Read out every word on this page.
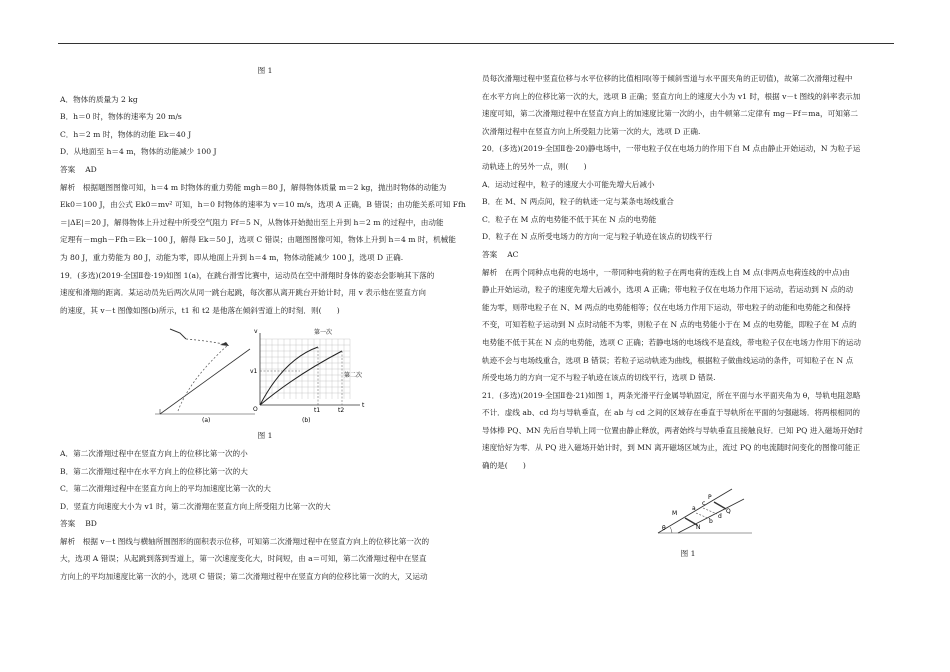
图 1

A．物体的质量为 2 kg

B．h＝0 时，物体的速率为 20 m/s

C．h＝2 m 时，物体的动能 Ek＝40 J

D．从地面至 h＝4 m，物体的动能减少 100 J

答案 AD

解析　根据题图图像可知，h＝4 m 时物体的重力势能 mgh＝80 J，解得物体质量 m＝2 kg，抛出时物体的动能为

Ek0＝100 J，由公式 Ek0＝mv² 可知，h＝0 时物体的速率为 v＝10 m/s，选项 A 正确，B 错误；由功能关系可知 Ffh

＝|ΔE|＝20 J，解得物体上升过程中所受空气阻力 Ff＝5 N，从物体开始抛出至上升到 h＝2 m 的过程中，由动能

定理有－mgh－Ffh＝Ek－100 J，解得 Ek＝50 J，选项 C 错误；由题图图像可知，物体上升到 h＝4 m 时，机械能

为 80 J，重力势能为 80 J，动能为零，即从地面上升到 h＝4 m，物体动能减少 100 J，选项 D 正确.

19．(多选)(2019·全国Ⅱ卷·19)如图 1(a)，在跳台滑雪比赛中，运动员在空中滑翔时身体的姿态会影响其下落的

速度和滑翔的距离．某运动员先后两次从同一跳台起跳，每次都从离开跳台开始计时，用 v 表示他在竖直方向

的速度，其 v－t 图像如图(b)所示，t1 和 t2 是他落在倾斜雪道上的时刻．则(　　)

(a)
第一次
第二次
v
t
O
v1
t1	t2
(b)

图 1

A．第二次滑翔过程中在竖直方向上的位移比第一次的小

B．第二次滑翔过程中在水平方向上的位移比第一次的大

C．第二次滑翔过程中在竖直方向上的平均加速度比第一次的大

D．竖直方向速度大小为 v1 时，第二次滑翔在竖直方向上所受阻力比第一次的大

答案 BD

解析　根据 v－t 图线与横轴所围图形的面积表示位移，可知第二次滑翔过程中在竖直方向上的位移比第一次的

大，选项 A 错误；从起跳到落到雪道上，第一次速度变化大，时间短，由 a＝可知，第二次滑翔过程中在竖直

方向上的平均加速度比第一次的小，选项 C 错误；第二次滑翔过程中在竖直方向的位移比第一次的大，又运动

员每次滑翔过程中竖直位移与水平位移的比值相同(等于倾斜雪道与水平面夹角的正切值)，故第二次滑翔过程中

在水平方向上的位移比第一次的大，选项 B 正确；竖直方向上的速度大小为 v1 时，根据 v－t 图线的斜率表示加

速度可知，第二次滑翔过程中在竖直方向上的加速度比第一次的小，由牛顿第二定律有 mg－Ff＝ma，可知第二

次滑翔过程中在竖直方向上所受阻力比第一次的大，选项 D 正确.

20．(多选)(2019·全国Ⅱ卷·20)静电场中，一带电粒子仅在电场力的作用下自 M 点由静止开始运动，N 为粒子运

动轨迹上的另外一点，则(　　)

A．运动过程中，粒子的速度大小可能先增大后减小

B．在 M、N 两点间，粒子的轨迹一定与某条电场线重合

C．粒子在 M 点的电势能不低于其在 N 点的电势能

D．粒子在 N 点所受电场力的方向一定与粒子轨迹在该点的切线平行

答案 AC

解析　在两个同种点电荷的电场中，一带同种电荷的粒子在两电荷的连线上自 M 点(非两点电荷连线的中点)由

静止开始运动，粒子的速度先增大后减小，选项 A 正确；带电粒子仅在电场力作用下运动，若运动到 N 点的动

能为零，则带电粒子在 N、M 两点的电势能相等；仅在电场力作用下运动，带电粒子的动能和电势能之和保持

不变，可知若粒子运动到 N 点时动能不为零，则粒子在 N 点的电势能小于在 M 点的电势能，即粒子在 M 点的

电势能不低于其在 N 点的电势能，选项 C 正确；若静电场的电场线不是直线，带电粒子仅在电场力作用下的运动

轨迹不会与电场线重合，选项 B 错误；若粒子运动轨迹为曲线，根据粒子做曲线运动的条件，可知粒子在 N 点

所受电场力的方向一定不与粒子轨迹在该点的切线平行，选项 D 错误.

21．(多选)(2019·全国Ⅱ卷·21)如图 1，两条光滑平行金属导轨固定，所在平面与水平面夹角为 θ，导轨电阻忽略

不计．虚线 ab、cd 均与导轨垂直，在 ab 与 cd 之间的区域存在垂直于导轨所在平面的匀强磁场．将两根相同的

导体棒 PQ、MN 先后自导轨上同一位置由静止释放，两者始终与导轨垂直且接触良好．已知 PQ 进入磁场开始时

速度恰好为零．从 PQ 进入磁场开始计时，到 MN 离开磁场区域为止，流过 PQ 的电流随时间变化的图像可能正

确的是(　　)

θ
M
N
P
Q
a
b
c
d

图 1
